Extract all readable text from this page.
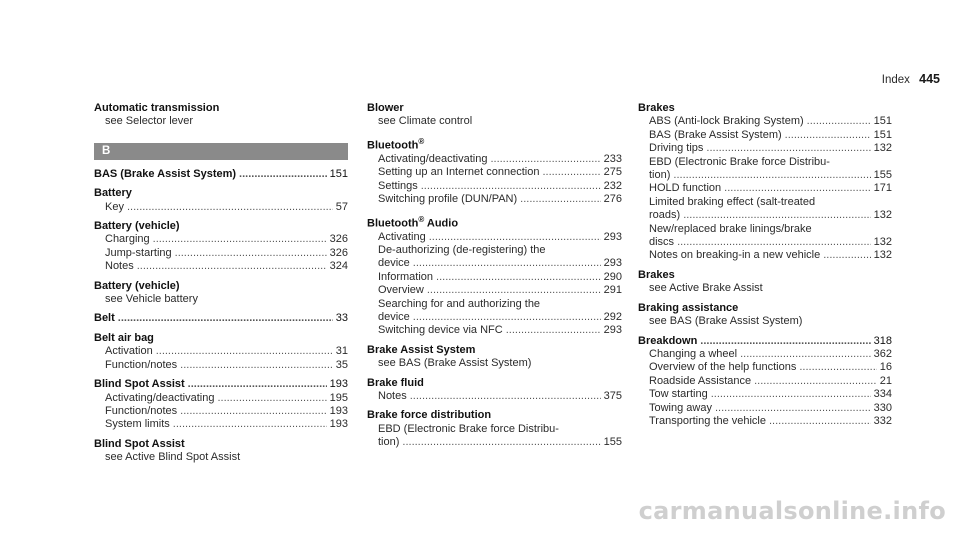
Index 445
Automatic transmission
see Selector lever
B
BAS (Brake Assist System) .....	151
Battery
Key .....	57
Battery (vehicle)
Charging .....	326
Jump-starting .....	326
Notes .....	324
Battery (vehicle)
see Vehicle battery
Belt .....	33
Belt air bag
Activation .....	31
Function/notes .....	35
Blind Spot Assist .....	193
Activating/deactivating .....	195
Function/notes .....	193
System limits .....	193
Blind Spot Assist
see Active Blind Spot Assist
Blower
see Climate control
Bluetooth®
Activating/deactivating .....	233
Setting up an Internet connection .....	275
Settings .....	232
Switching profile (DUN/PAN) .....	276
Bluetooth® Audio
Activating .....	293
De-authorizing (de-registering) the
device .....	293
Information .....	290
Overview .....	291
Searching for and authorizing the
device .....	292
Switching device via NFC .....	293
Brake Assist System
see BAS (Brake Assist System)
Brake fluid
Notes .....	375
Brake force distribution
EBD (Electronic Brake force Distribu-
tion) .....	155
Brakes
ABS (Anti-lock Braking System) .....	151
BAS (Brake Assist System) .....	151
Driving tips .....	132
EBD (Electronic Brake force Distribu-
tion) .....	155
HOLD function .....	171
Limited braking effect (salt-treated
roads) .....	132
New/replaced brake linings/brake
discs .....	132
Notes on breaking-in a new vehicle .....	132
Brakes
see Active Brake Assist
Braking assistance
see BAS (Brake Assist System)
Breakdown .....	318
Changing a wheel .....	362
Overview of the help functions .....	16
Roadside Assistance .....	21
Tow starting .....	334
Towing away .....	330
Transporting the vehicle .....	332
carmanualsonline.info
